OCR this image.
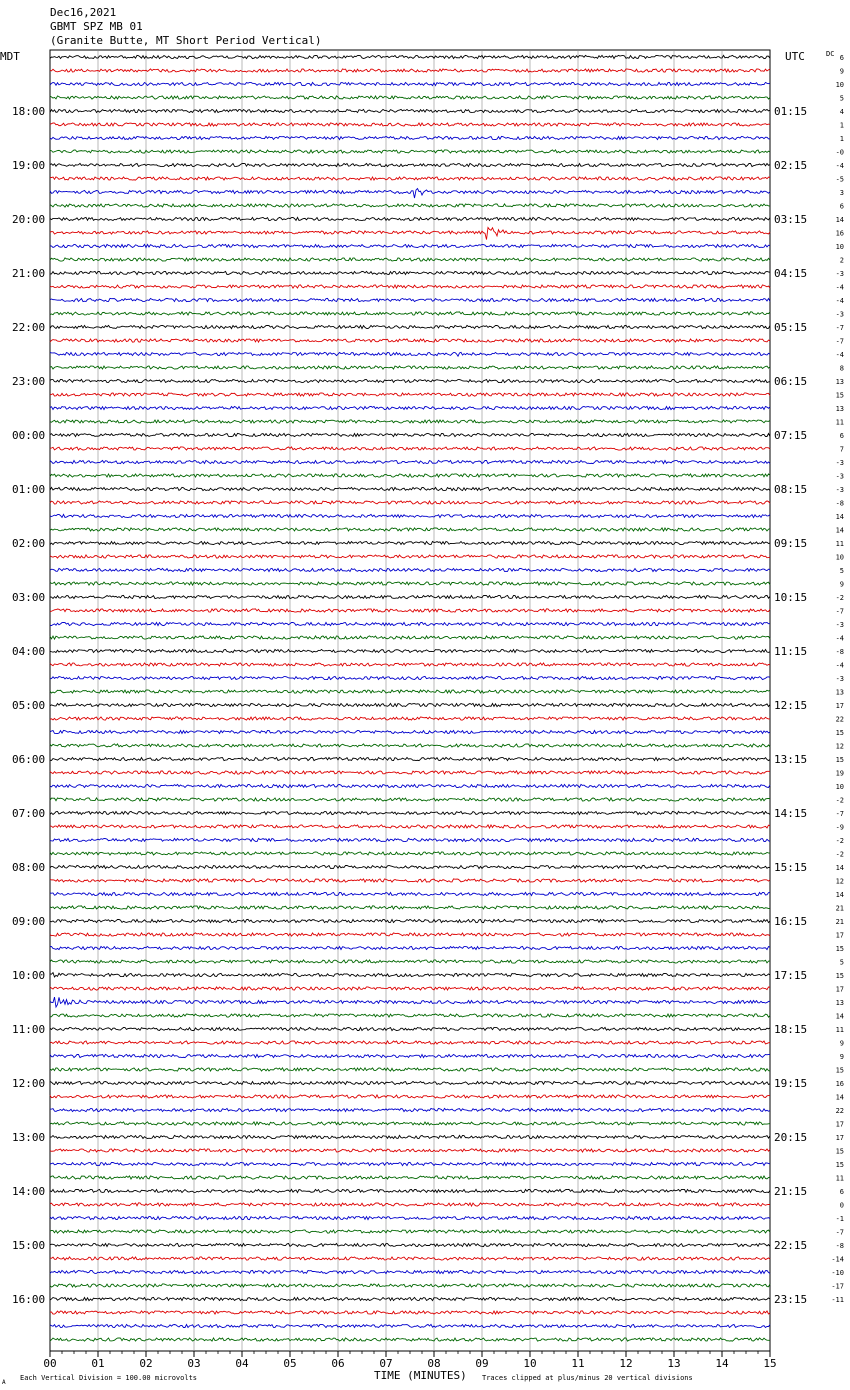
Dec16,2021
GBMT SPZ MB 01
(Granite Butte, MT Short Period Vertical)
MDT	UTC	DC
18:00
19:00
20:00
21:00
22:00
23:00
00:00
01:00
02:00
03:00
04:00
05:00
06:00
07:00
08:00
09:00
10:00
11:00
12:00
13:00
14:00
15:00
16:00
01:15
02:15
03:15
04:15
05:15
06:15
07:15
08:15
09:15
10:15
11:15
12:15
13:15
14:15
15:15
16:15
17:15
18:15
19:15
20:15
21:15
22:15
23:15
6
9
10
5
4
1
1
-0
-4
-5
3
6
14
16
10
2
-3
-4
-4
-3
-7
-7
-4
8
13
15
13
11
6
7
-3
-3
-3
-8
14
14
11
10
5
9
-2
-7
-3
-4
-8
-4
-3
13
17
22
15
12
15
19
10
-2
-7
-9
-2
-2
14
12
14
21
21
17
15
5
15
17
13
14
11
9
9
15
16
14
22
17
17
15
15
11
6
0
-1
-7
-8
-14
-10
-17
-11
00	01	02	03	04	05	06	07	08	09	10	11	12	13	14	15
TIME (MINUTES)
Each Vertical Division = 100.00 microvolts	Traces clipped at plus/minus 20 vertical divisions
A
